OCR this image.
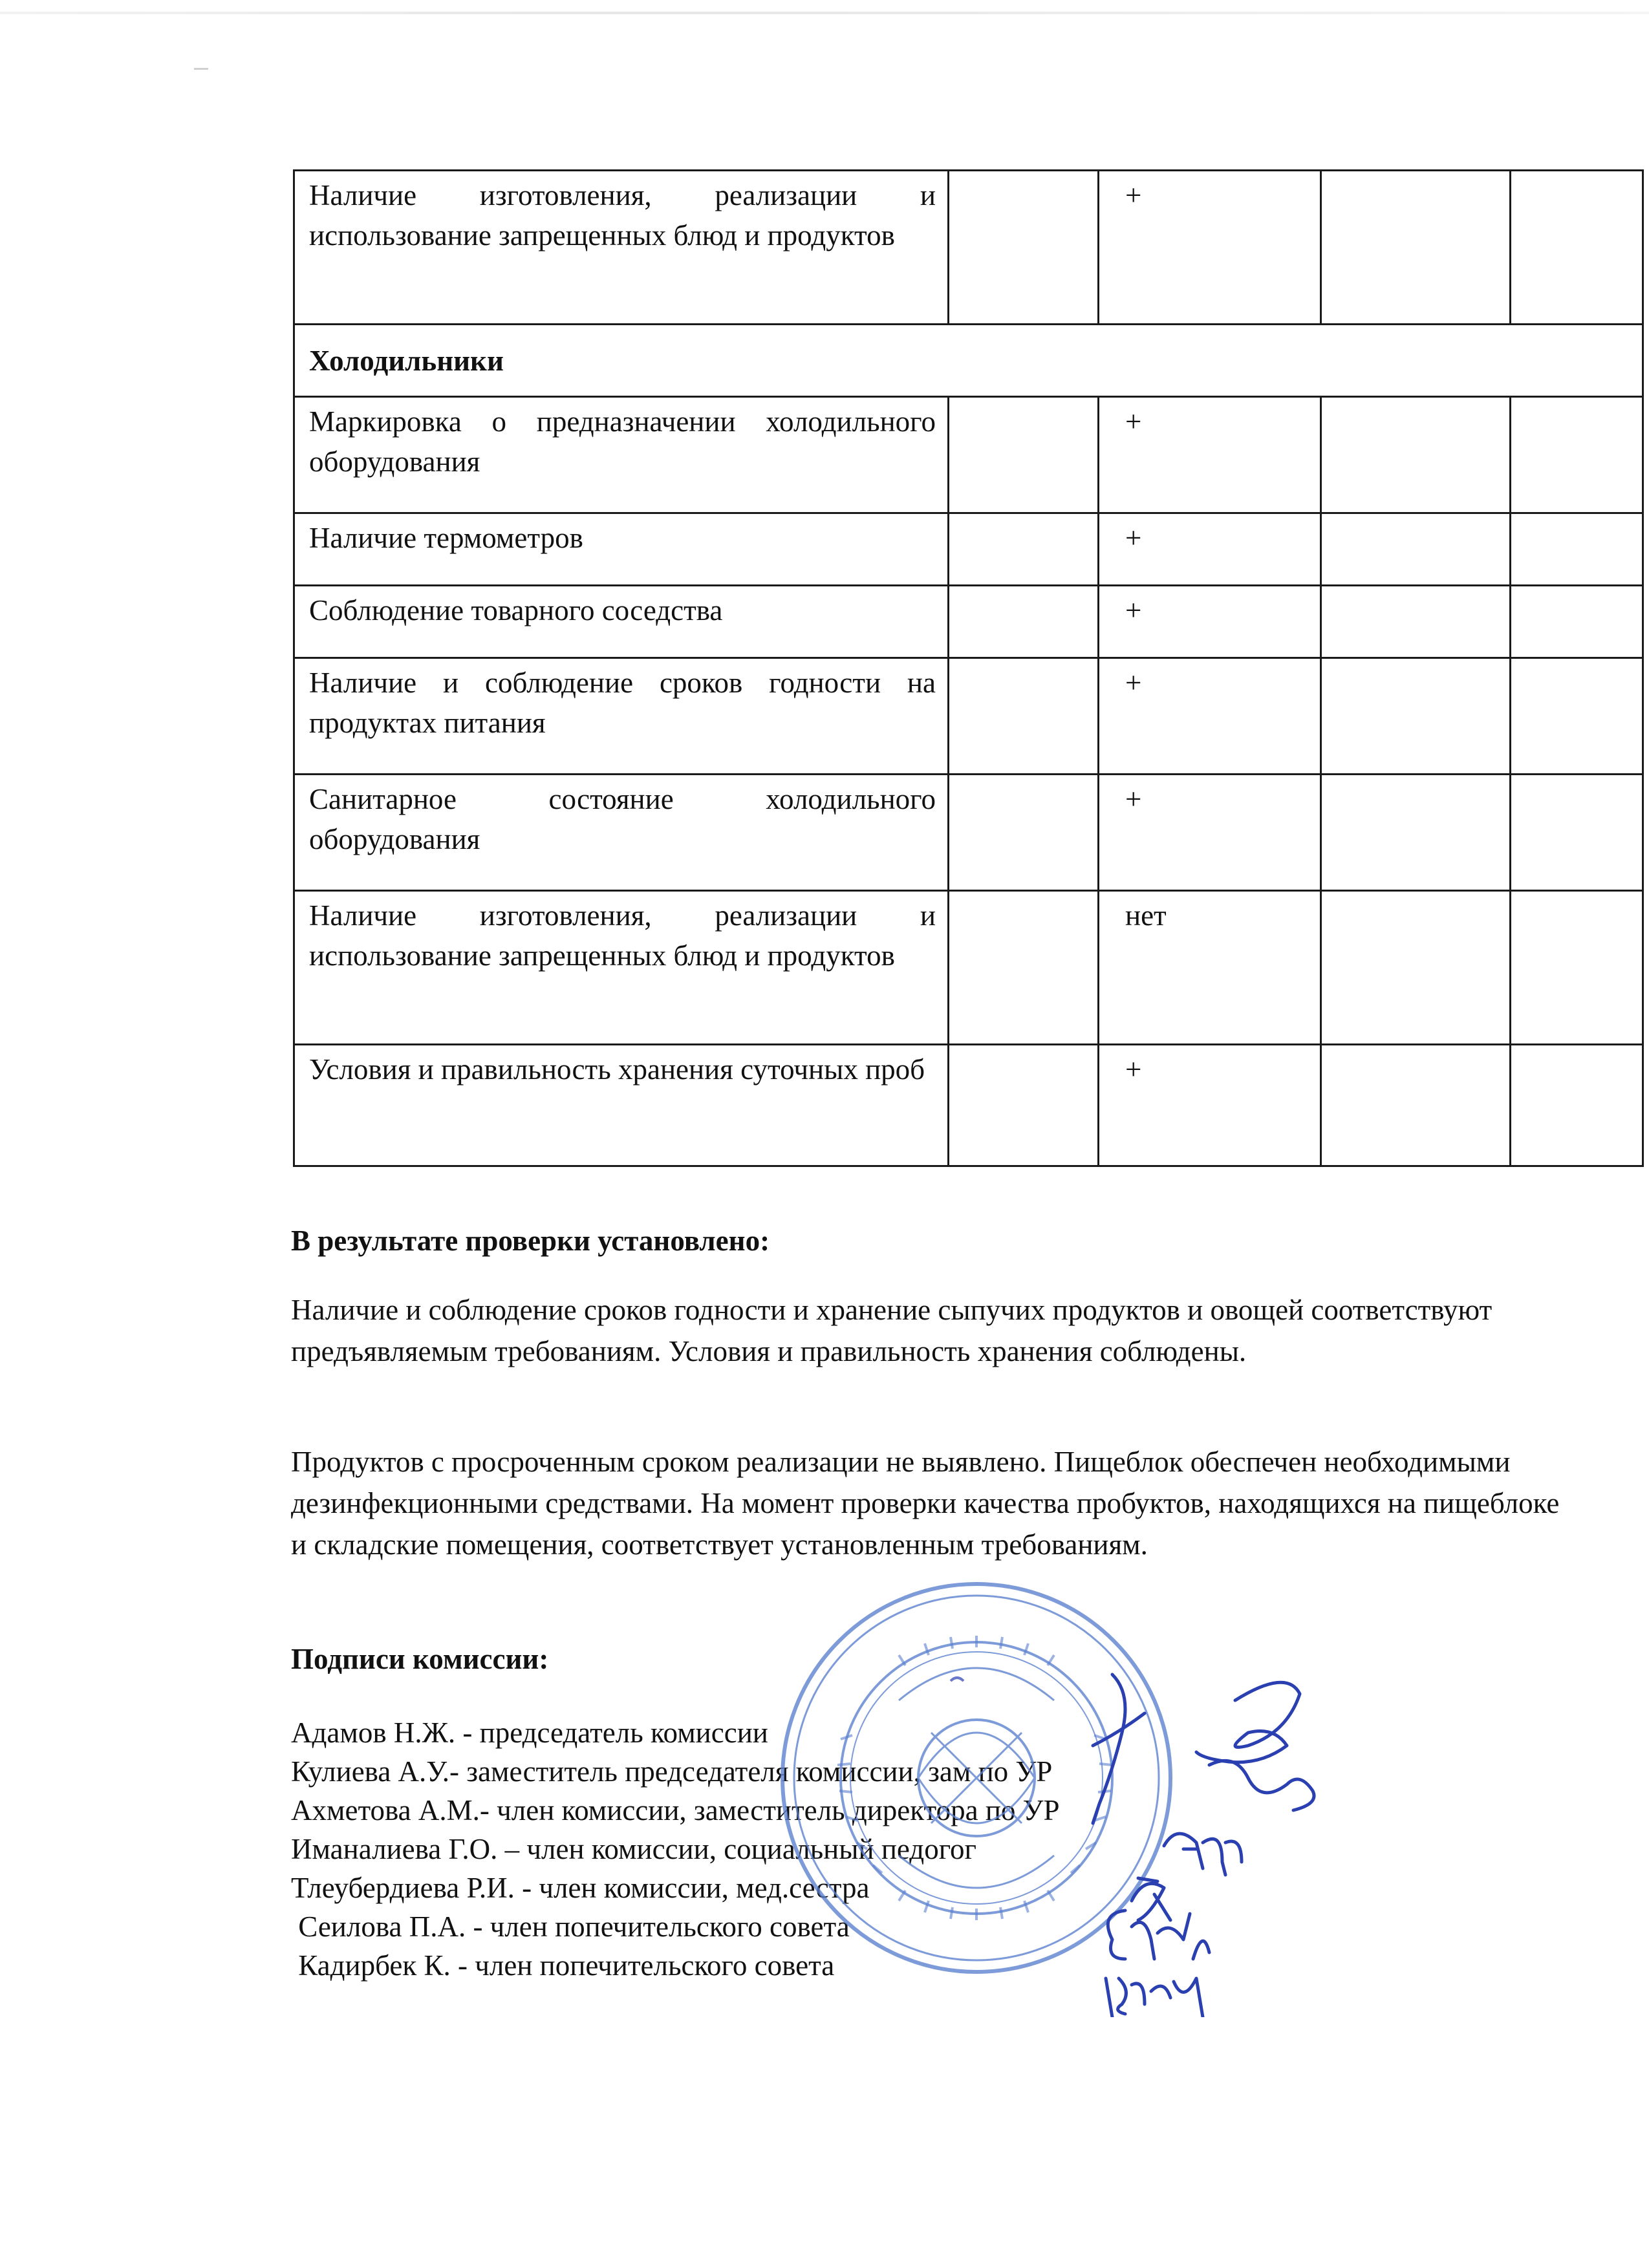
Наличие изготовления, реализации и использование запрещенных блюд и продуктов		+		
Холодильники				
Маркировка о предназначении холодильного оборудования		+		
Наличие термометров		+		
Соблюдение товарного соседства		+		
Наличие и соблюдение сроков годности на продуктах питания		+		
Санитарное состояние холодильного оборудования		+		
Наличие изготовления, реализации и использование запрещенных блюд и продуктов		нет		
Условия и правильность хранения суточных проб		+		
В результате проверки установлено:
Наличие и соблюдение сроков годности и хранение сыпучих продуктов и овощей соответствуют предъявляемым требованиям. Условия и правильность хранения соблюдены.
Продуктов с просроченным сроком реализации не выявлено. Пищеблок обеспечен необходимыми дезинфекционными средствами. На момент проверки качества пробуктов, находящихся на пищеблоке и складские помещения, соответствует установленным требованиям.
Подписи комиссии:
Адамов Н.Ж. - председатель комиссии
Кулиева А.У.- заместитель председателя комиссии, зам по УР
Ахметова А.М.- член комиссии, заместитель директора по УР
Иманалиева Г.О. – член комиссии, социальный педогог
Тлеубердиева Р.И. - член комиссии, мед.сестра
Сеилова П.А. - член попечительского совета
Кадирбек К. - член попечительского совета
